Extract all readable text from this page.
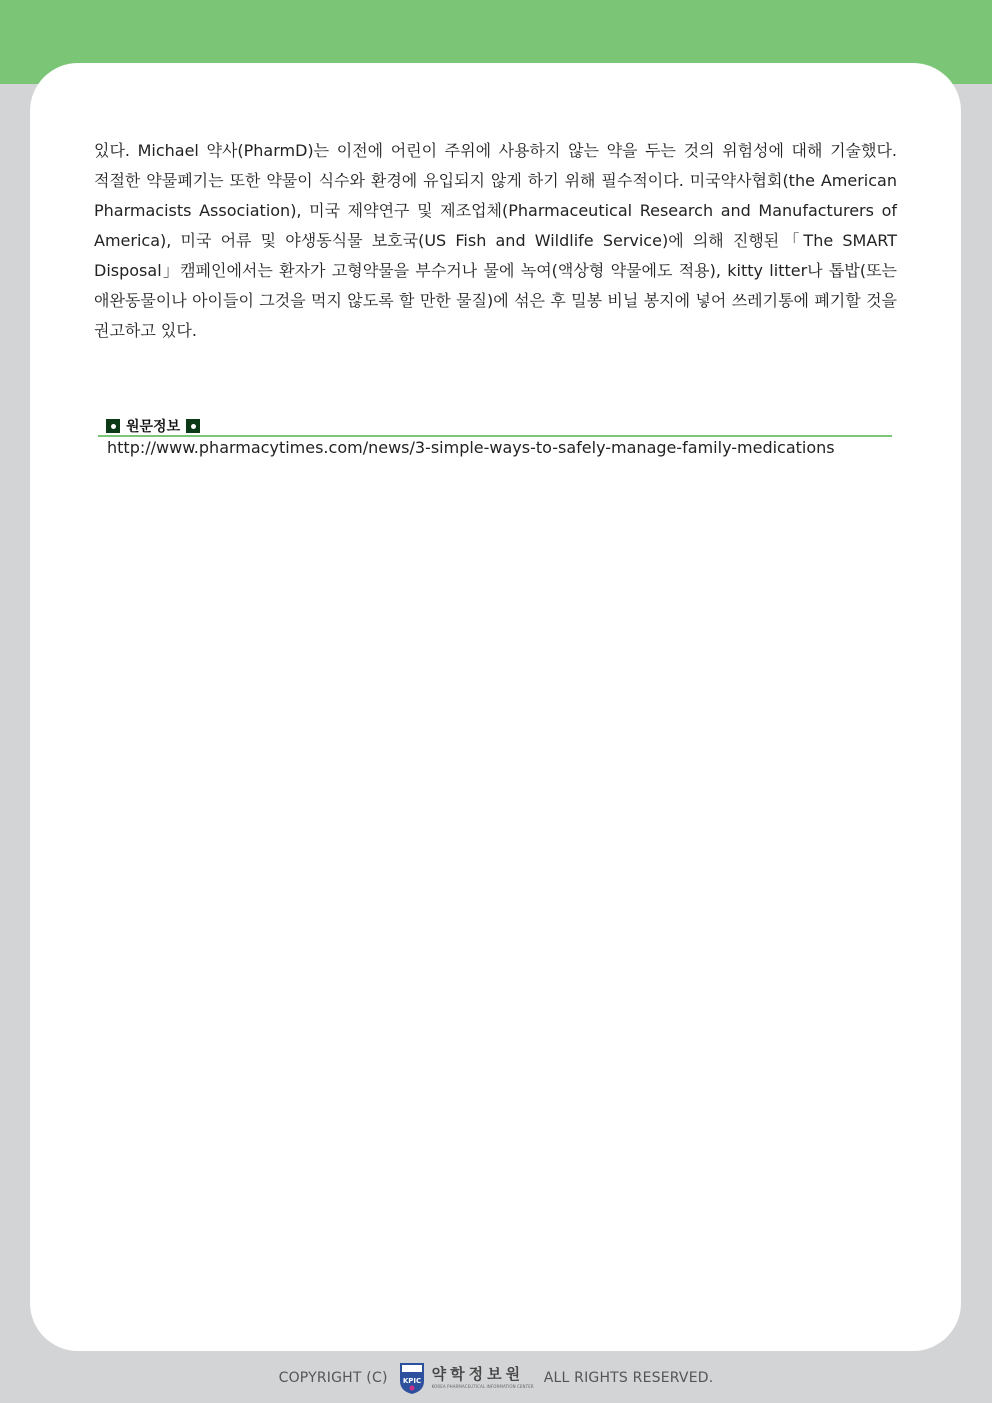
있다. Michael 약사(PharmD)는 이전에 어린이 주위에 사용하지 않는 약을 두는 것의 위험성에 대해 기술했다. 적절한 약물폐기는 또한 약물이 식수와 환경에 유입되지 않게 하기 위해 필수적이다. 미국약사협회(the American Pharmacists Association), 미국 제약연구 및 제조업체(Pharmaceutical Research and Manufacturers of America), 미국 어류 및 야생동식물 보호국(US Fish and Wildlife Service)에 의해 진행된「The SMART Disposal」캠페인에서는 환자가 고형약물을 부수거나 물에 녹여(액상형 약물에도 적용), kitty litter나 톱밥(또는 애완동물이나 아이들이 그것을 먹지 않도록 할 만한 물질)에 섞은 후 밀봉 비닐 봉지에 넣어 쓰레기통에 폐기할 것을 권고하고 있다.

원문정보
http://www.pharmacytimes.com/news/3-simple-ways-to-safely-manage-family-medications
COPYRIGHT (C) KPIC 약학정보원
KOREA PHARMACEUTICAL INFORMATION CENTER
ALL RIGHTS RESERVED.
